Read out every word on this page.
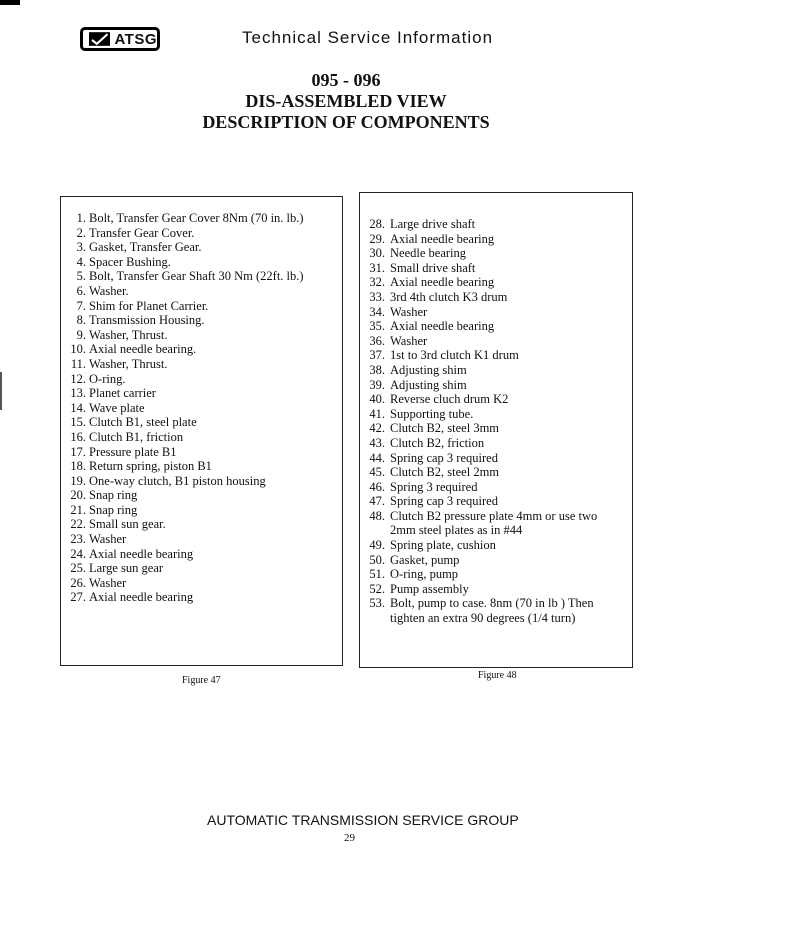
ATSG	Technical Service Information
095 - 096
DIS-ASSEMBLED VIEW
DESCRIPTION OF COMPONENTS
1. Bolt, Transfer Gear Cover 8Nm (70 in. lb.)
2. Transfer Gear Cover.
3. Gasket, Transfer Gear.
4. Spacer Bushing.
5. Bolt, Transfer Gear Shaft 30 Nm (22ft. lb.)
6. Washer.
7. Shim for Planet Carrier.
8. Transmission Housing.
9. Washer, Thrust.
10. Axial needle bearing.
11. Washer, Thrust.
12. O-ring.
13. Planet carrier
14. Wave plate
15. Clutch B1, steel plate
16. Clutch B1, friction
17. Pressure plate B1
18. Return spring, piston B1
19. One-way clutch, B1 piston housing
20. Snap ring
21. Snap ring
22. Small sun gear.
23. Washer
24. Axial needle bearing
25. Large sun gear
26. Washer
27. Axial needle bearing
28. Large drive shaft
29. Axial needle bearing
30. Needle bearing
31. Small drive shaft
32. Axial needle bearing
33. 3rd 4th clutch K3 drum
34. Washer
35. Axial needle bearing
36. Washer
37. 1st to 3rd clutch K1 drum
38. Adjusting shim
39. Adjusting shim
40. Reverse cluch drum K2
41. Supporting tube.
42. Clutch B2, steel 3mm
43. Clutch B2, friction
44. Spring cap 3 required
45. Clutch B2, steel 2mm
46. Spring 3 required
47. Spring cap 3 required
48. Clutch B2 pressure plate 4mm or use two 2mm steel plates as in #44
49. Spring plate, cushion
50. Gasket, pump
51. O-ring, pump
52. Pump assembly
53. Bolt, pump to case. 8nm (70 in lb ) Then tighten an extra 90 degrees (1/4 turn)
Figure 47	Figure 48
AUTOMATIC TRANSMISSION SERVICE GROUP
29
